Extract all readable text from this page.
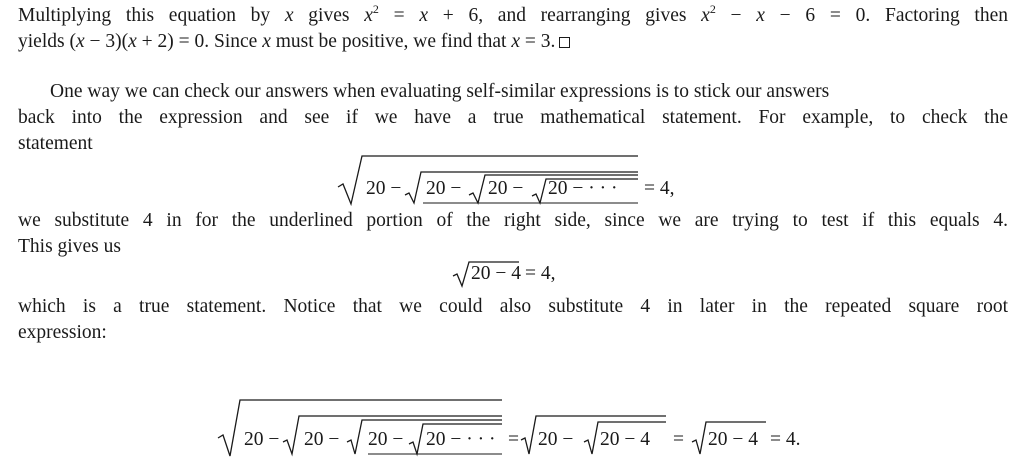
Multiplying this equation by x gives $x^2 = x + 6$, and rearranging gives $x^2 - x - 6 = 0$. Factoring then
yields (x − 3)(x + 2) = 0. Since x must be positive, we find that x = 3.
One way we can check our answers when evaluating self-similar expressions is to stick our answers
back into the expression and see if we have a true mathematical statement. For example, to check the
statement
20 − 20 − 20 − 20 − · · · = 4,
we substitute 4 in for the underlined portion of the right side, since we are trying to test if this equals 4.
This gives us
20 − 4 = 4,
which is a true statement. Notice that we could also substitute 4 in later in the repeated square root
expression:
20 − 20 − 20 − 20 − · · · = 20 − 20 − 4 = 20 − 4 = 4.
